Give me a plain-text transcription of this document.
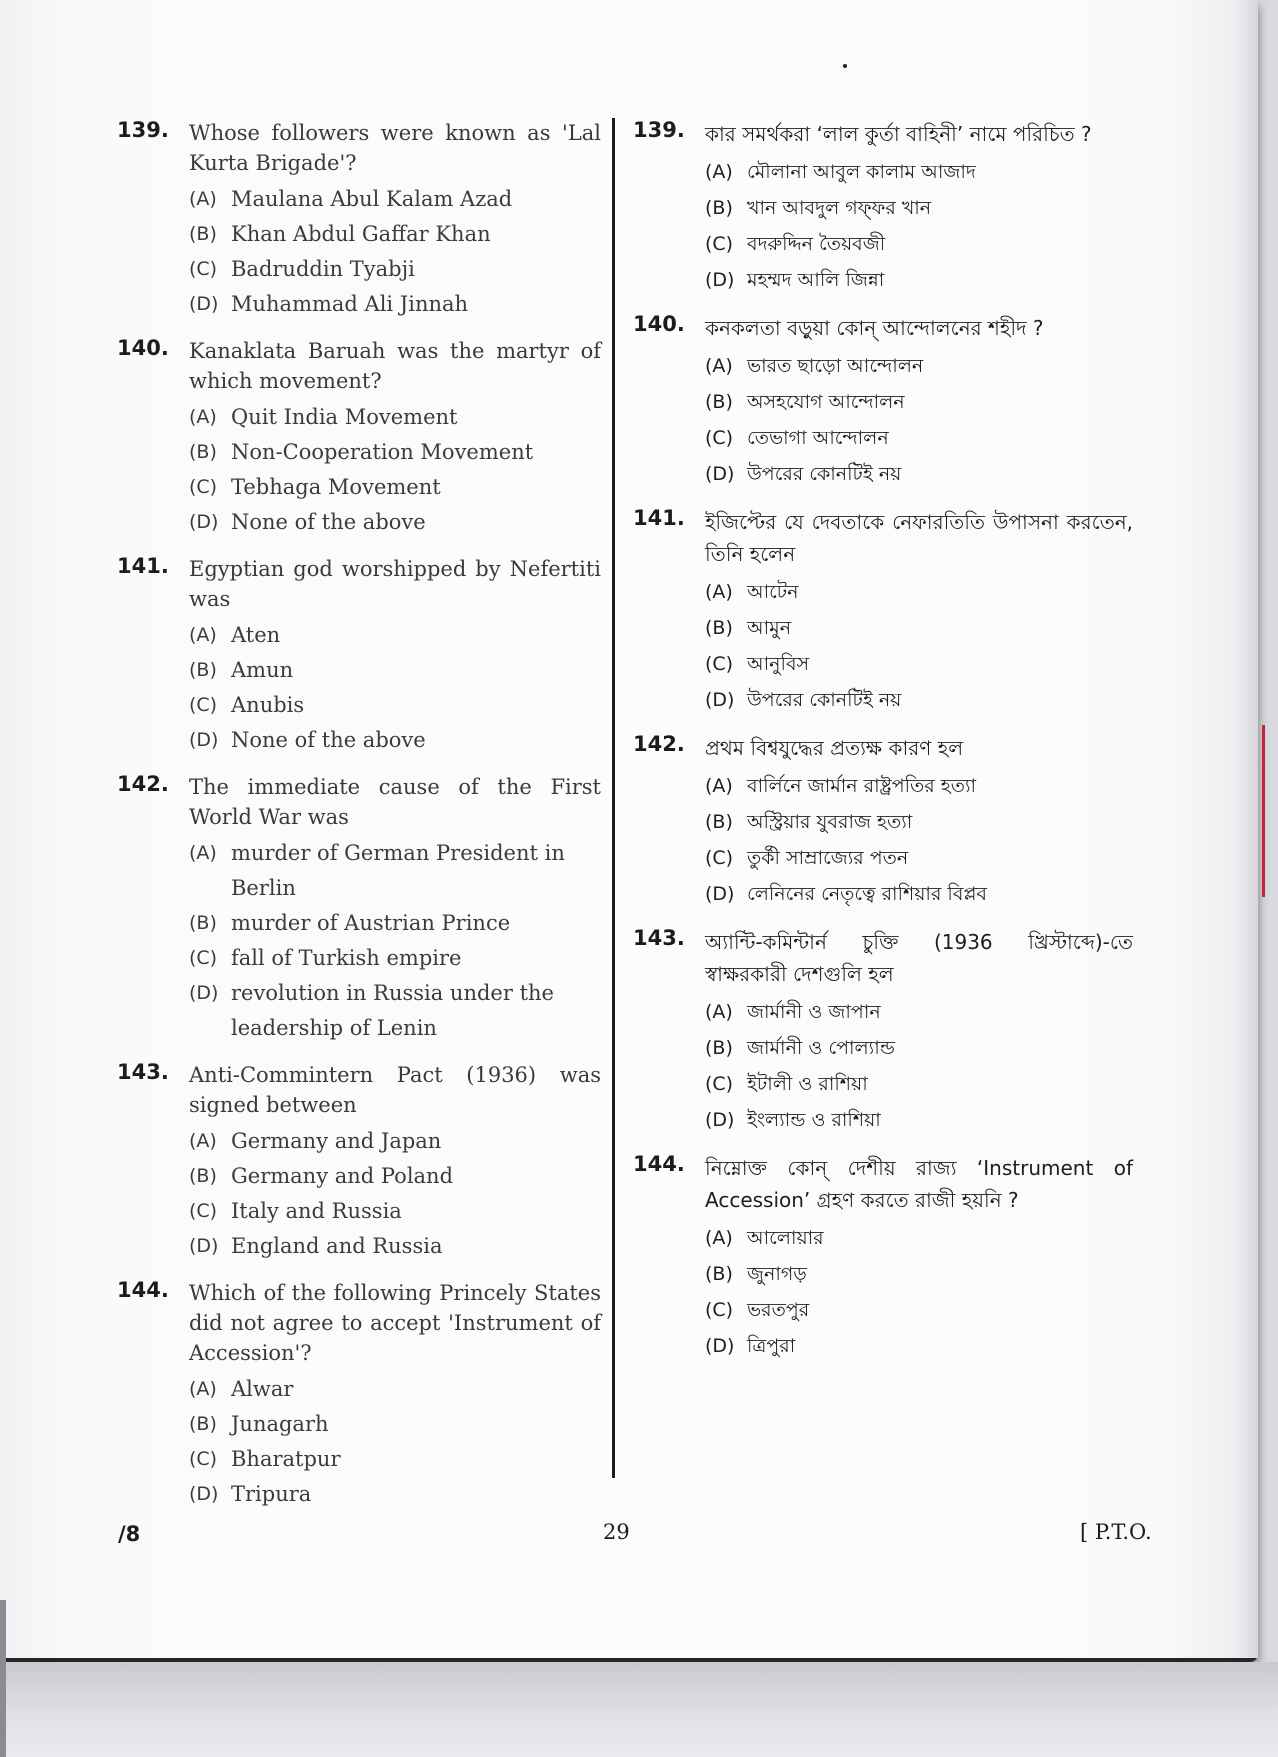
139. Whose followers were known as 'Lal Kurta Brigade'?
(A) Maulana Abul Kalam Azad
(B) Khan Abdul Gaffar Khan
(C) Badruddin Tyabji
(D) Muhammad Ali Jinnah
140. Kanaklata Baruah was the martyr of which movement?
(A) Quit India Movement
(B) Non-Cooperation Movement
(C) Tebhaga Movement
(D) None of the above
141. Egyptian god worshipped by Nefertiti was
(A) Aten
(B) Amun
(C) Anubis
(D) None of the above
142. The immediate cause of the First World War was
(A) murder of German President in Berlin
(B) murder of Austrian Prince
(C) fall of Turkish empire
(D) revolution in Russia under the leadership of Lenin
143. Anti-Commintern Pact (1936) was signed between
(A) Germany and Japan
(B) Germany and Poland
(C) Italy and Russia
(D) England and Russia
144. Which of the following Princely States did not agree to accept 'Instrument of Accession'?
(A) Alwar
(B) Junagarh
(C) Bharatpur
(D) Tripura
139. কার সমর্থকরা ‘লাল কুর্তা বাহিনী’ নামে পরিচিত ?
(A) মৌলানা আবুল কালাম আজাদ
(B) খান আবদুল গফ্ফর খান
(C) বদরুদ্দিন তৈয়বজী
(D) মহম্মদ আলি জিন্না
140. কনকলতা বড়ুয়া কোন্ আন্দোলনের শহীদ ?
(A) ভারত ছাড়ো আন্দোলন
(B) অসহযোগ আন্দোলন
(C) তেভাগা আন্দোলন
(D) উপরের কোনটিই নয়
141. ইজিপ্টের যে দেবতাকে নেফারতিতি উপাসনা করতেন, তিনি হলেন
(A) আটেন
(B) আমুন
(C) আনুবিস
(D) উপরের কোনটিই নয়
142. প্রথম বিশ্বযুদ্ধের প্রত্যক্ষ কারণ হল
(A) বার্লিনে জার্মান রাষ্ট্রপতির হত্যা
(B) অস্ট্রিয়ার যুবরাজ হত্যা
(C) তুর্কী সাম্রাজ্যের পতন
(D) লেনিনের নেতৃত্বে রাশিয়ার বিপ্লব
143. অ্যান্টি-কমিন্টার্ন চুক্তি (1936 খ্রিস্টাব্দে)-তে স্বাক্ষরকারী দেশগুলি হল
(A) জার্মানী ও জাপান
(B) জার্মানী ও পোল্যান্ড
(C) ইটালী ও রাশিয়া
(D) ইংল্যান্ড ও রাশিয়া
144. নিম্নোক্ত কোন্ দেশীয় রাজ্য ‘Instrument of Accession’ গ্রহণ করতে রাজী হয়নি ?
(A) আলোয়ার
(B) জুনাগড়
(C) ভরতপুর
(D) ত্রিপুরা
/8	29	[ P.T.O.
